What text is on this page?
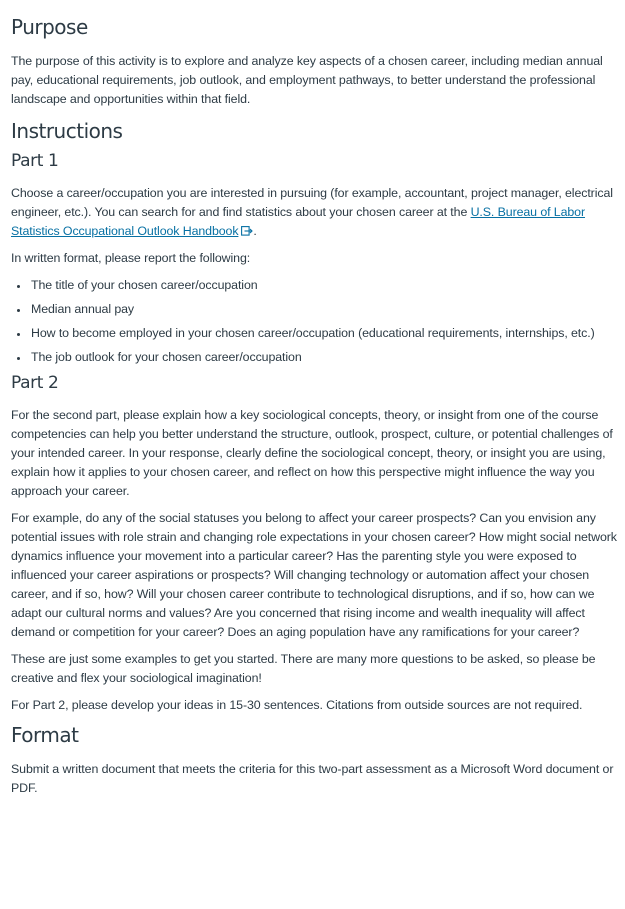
Purpose

The purpose of this activity is to explore and analyze key aspects of a chosen career, including median annual pay, educational requirements, job outlook, and employment pathways, to better understand the professional landscape and opportunities within that field.

Instructions
Part 1

Choose a career/occupation you are interested in pursuing (for example, accountant, project manager, electrical engineer, etc.). You can search for and find statistics about your chosen career at the U.S. Bureau of Labor Statistics Occupational Outlook Handbook .

In written format, please report the following:

The title of your chosen career/occupation
Median annual pay
How to become employed in your chosen career/occupation (educational requirements, internships, etc.)
The job outlook for your chosen career/occupation
Part 2

For the second part, please explain how a key sociological concepts, theory, or insight from one of the course competencies can help you better understand the structure, outlook, prospect, culture, or potential challenges of your intended career. In your response, clearly define the sociological concept, theory, or insight you are using, explain how it applies to your chosen career, and reflect on how this perspective might influence the way you approach your career.

For example, do any of the social statuses you belong to affect your career prospects? Can you envision any potential issues with role strain and changing role expectations in your chosen career? How might social network dynamics influence your movement into a particular career? Has the parenting style you were exposed to influenced your career aspirations or prospects? Will changing technology or automation affect your chosen career, and if so, how? Will your chosen career contribute to technological disruptions, and if so, how can we adapt our cultural norms and values? Are you concerned that rising income and wealth inequality will affect demand or competition for your career? Does an aging population have any ramifications for your career?

These are just some examples to get you started. There are many more questions to be asked, so please be creative and flex your sociological imagination!

For Part 2, please develop your ideas in 15-30 sentences. Citations from outside sources are not required.

Format

Submit a written document that meets the criteria for this two-part assessment as a Microsoft Word document or PDF.
